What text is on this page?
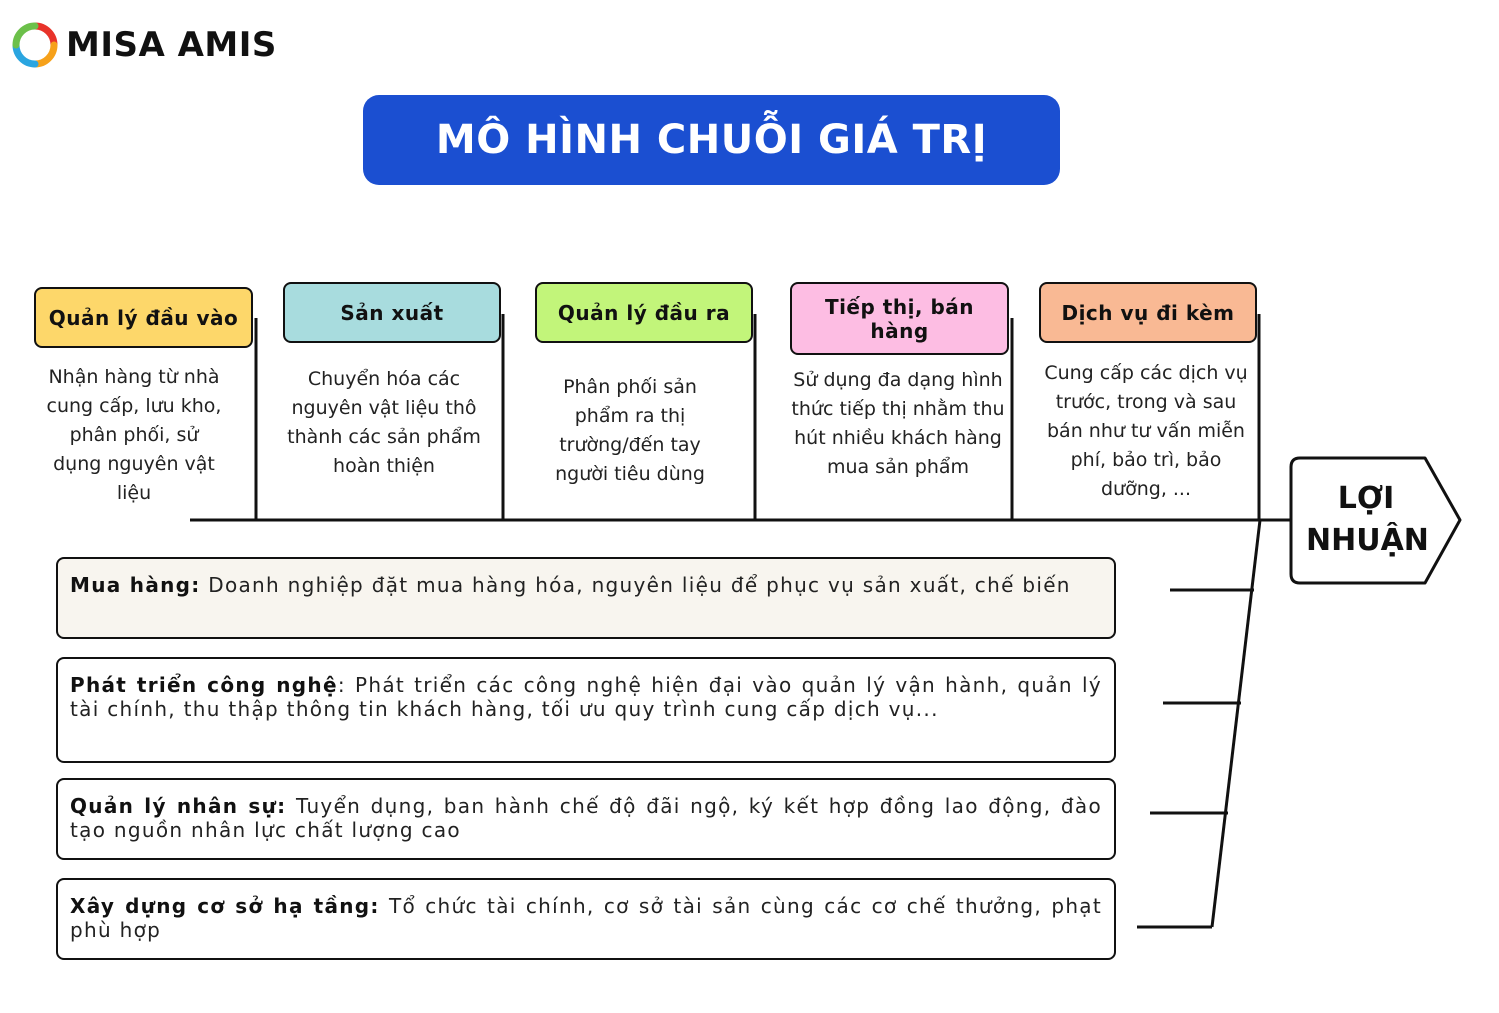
MISA AMIS
MÔ HÌNH CHUỖI GIÁ TRỊ
Quản lý đầu vào	Sản xuất	Quản lý đầu ra	Tiếp thị, bán hàng
Dịch vụ đi kèm
Nhận hàng từ nhà cung cấp, lưu kho, phân phối, sử dụng nguyên vật liệu
Chuyển hóa các nguyên vật liệu thô thành các sản phẩm hoàn thiện
Phân phối sản phẩm ra thị trường/đến tay người tiêu dùng
Sử dụng đa dạng hình thức tiếp thị nhằm thu hút nhiều khách hàng mua sản phẩm
Cung cấp các dịch vụ trước, trong và sau bán như tư vấn miễn phí, bảo trì, bảo dưỡng, ...
Mua hàng: Doanh nghiệp đặt mua hàng hóa, nguyên liệu để phục vụ sản xuất, chế biến
Phát triển công nghệ: Phát triển các công nghệ hiện đại vào quản lý vận hành, quản lý tài chính, thu thập thông tin khách hàng, tối ưu quy trình cung cấp dịch vụ...
Quản lý nhân sự: Tuyển dụng, ban hành chế độ đãi ngộ, ký kết hợp đồng lao động, đào tạo nguồn nhân lực chất lượng cao
Xây dựng cơ sở hạ tầng: Tổ chức tài chính, cơ sở tài sản cùng các cơ chế thưởng, phạt phù hợp
LỢI
NHUẬN
